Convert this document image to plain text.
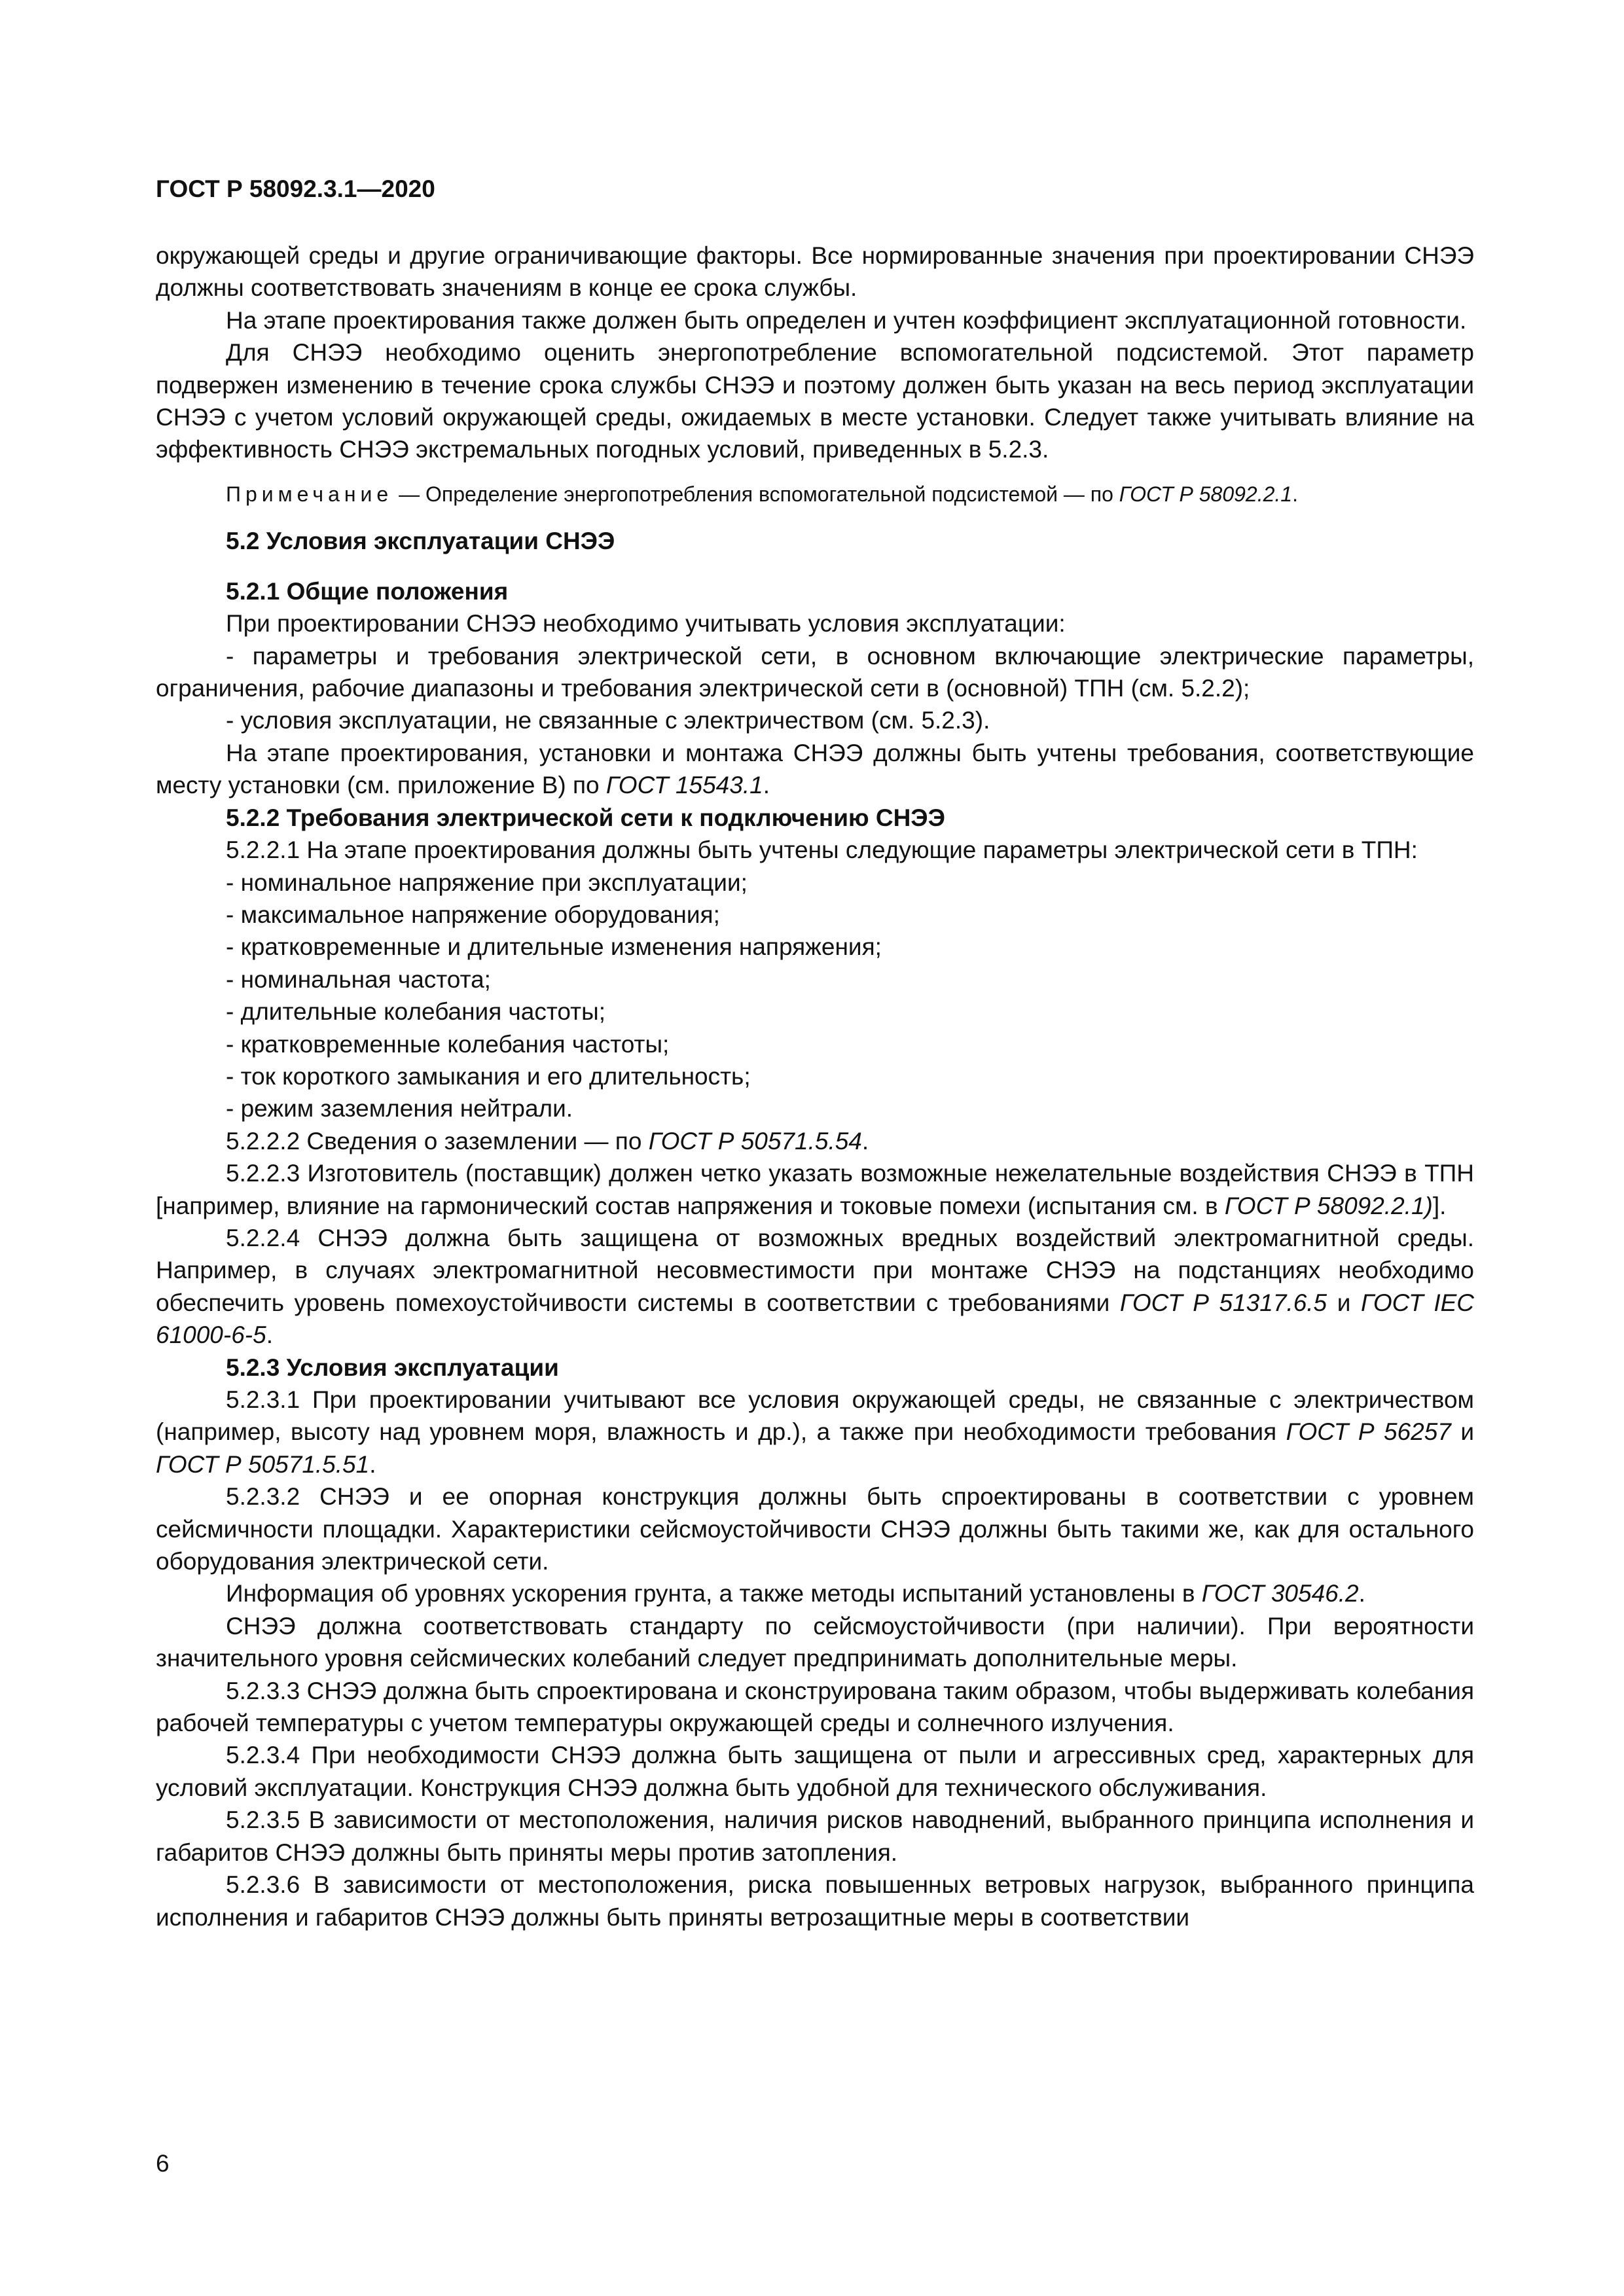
ГОСТ Р 58092.3.1—2020

окружающей среды и другие ограничивающие факторы. Все нормированные значения при проектировании СНЭЭ должны соответствовать значениям в конце ее срока службы.

На этапе проектирования также должен быть определен и учтен коэффициент эксплуатационной готовности.

Для СНЭЭ необходимо оценить энергопотребление вспомогательной подсистемой. Этот параметр подвержен изменению в течение срока службы СНЭЭ и поэтому должен быть указан на весь период эксплуатации СНЭЭ с учетом условий окружающей среды, ожидаемых в месте установки. Следует также учитывать влияние на эффективность СНЭЭ экстремальных погодных условий, приведенных в 5.2.3.

Примечание — Определение энергопотребления вспомогательной подсистемой — по ГОСТ Р 58092.2.1.

5.2 Условия эксплуатации СНЭЭ
5.2.1 Общие положения

При проектировании СНЭЭ необходимо учитывать условия эксплуатации:

- параметры и требования электрической сети, в основном включающие электрические параметры, ограничения, рабочие диапазоны и требования электрической сети в (основной) ТПН (см. 5.2.2);

- условия эксплуатации, не связанные с электричеством (см. 5.2.3).

На этапе проектирования, установки и монтажа СНЭЭ должны быть учтены требования, соответствующие месту установки (см. приложение В) по ГОСТ 15543.1.

5.2.2 Требования электрической сети к подключению СНЭЭ

5.2.2.1 На этапе проектирования должны быть учтены следующие параметры электрической сети в ТПН:

- номинальное напряжение при эксплуатации;

- максимальное напряжение оборудования;

- кратковременные и длительные изменения напряжения;

- номинальная частота;

- длительные колебания частоты;

- кратковременные колебания частоты;

- ток короткого замыкания и его длительность;

- режим заземления нейтрали.

5.2.2.2 Сведения о заземлении — по ГОСТ Р 50571.5.54.

5.2.2.3 Изготовитель (поставщик) должен четко указать возможные нежелательные воздействия СНЭЭ в ТПН [например, влияние на гармонический состав напряжения и токовые помехи (испытания см. в ГОСТ Р 58092.2.1)].

5.2.2.4 СНЭЭ должна быть защищена от возможных вредных воздействий электромагнитной среды. Например, в случаях электромагнитной несовместимости при монтаже СНЭЭ на подстанциях необходимо обеспечить уровень помехоустойчивости системы в соответствии с требованиями ГОСТ Р 51317.6.5 и ГОСТ IEC 61000-6-5.

5.2.3 Условия эксплуатации

5.2.3.1 При проектировании учитывают все условия окружающей среды, не связанные с электричеством (например, высоту над уровнем моря, влажность и др.), а также при необходимости требования ГОСТ Р 56257 и ГОСТ Р 50571.5.51.

5.2.3.2 СНЭЭ и ее опорная конструкция должны быть спроектированы в соответствии с уровнем сейсмичности площадки. Характеристики сейсмоустойчивости СНЭЭ должны быть такими же, как для остального оборудования электрической сети.

Информация об уровнях ускорения грунта, а также методы испытаний установлены в ГОСТ 30546.2.

СНЭЭ должна соответствовать стандарту по сейсмоустойчивости (при наличии). При вероятности значительного уровня сейсмических колебаний следует предпринимать дополнительные меры.

5.2.3.3 СНЭЭ должна быть спроектирована и сконструирована таким образом, чтобы выдерживать колебания рабочей температуры с учетом температуры окружающей среды и солнечного излучения.

5.2.3.4 При необходимости СНЭЭ должна быть защищена от пыли и агрессивных сред, характерных для условий эксплуатации. Конструкция СНЭЭ должна быть удобной для технического обслуживания.

5.2.3.5 В зависимости от местоположения, наличия рисков наводнений, выбранного принципа исполнения и габаритов СНЭЭ должны быть приняты меры против затопления.

5.2.3.6 В зависимости от местоположения, риска повышенных ветровых нагрузок, выбранного принципа исполнения и габаритов СНЭЭ должны быть приняты ветрозащитные меры в соответствии

6
